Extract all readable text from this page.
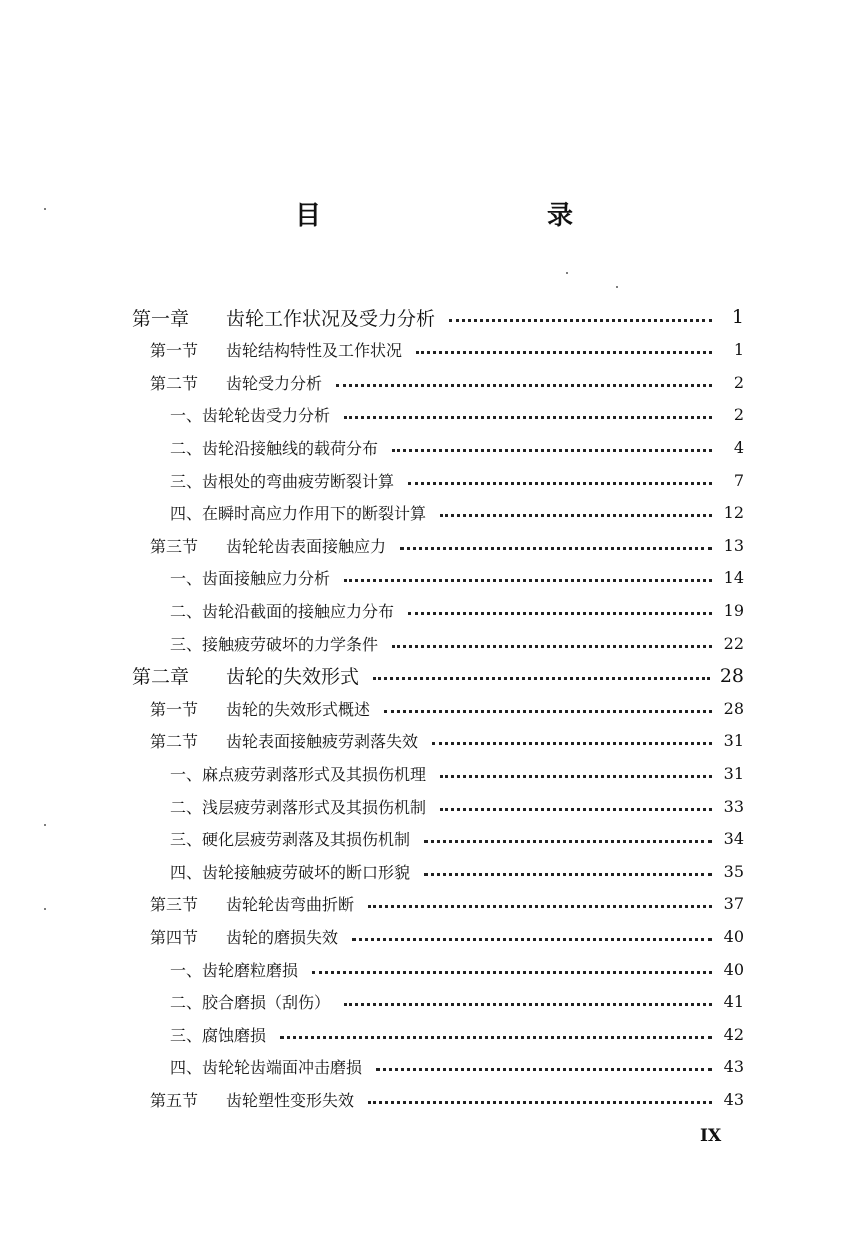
目　　录
第一章	齿轮工作状况及受力分析	1
第一节	齿轮结构特性及工作状况	1
第二节	齿轮受力分析	2
一、齿轮轮齿受力分析	2
二、齿轮沿接触线的载荷分布	4
三、齿根处的弯曲疲劳断裂计算	7
四、在瞬时高应力作用下的断裂计算	12
第三节	齿轮轮齿表面接触应力	13
一、齿面接触应力分析	14
二、齿轮沿截面的接触应力分布	19
三、接触疲劳破坏的力学条件	22
第二章	齿轮的失效形式	28
第一节	齿轮的失效形式概述	28
第二节	齿轮表面接触疲劳剥落失效	31
一、麻点疲劳剥落形式及其损伤机理	31
二、浅层疲劳剥落形式及其损伤机制	33
三、硬化层疲劳剥落及其损伤机制	34
四、齿轮接触疲劳破坏的断口形貌	35
第三节	齿轮轮齿弯曲折断	37
第四节	齿轮的磨损失效	40
一、齿轮磨粒磨损	40
二、胶合磨损（刮伤）	41
三、腐蚀磨损	42
四、齿轮轮齿端面冲击磨损	43
第五节	齿轮塑性变形失效	43
IX
